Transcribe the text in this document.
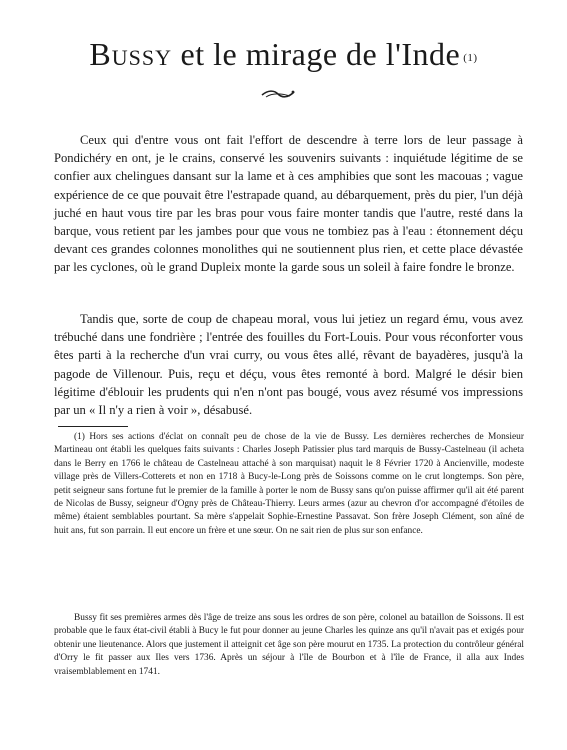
Bussy et le mirage de l'Inde $^{(1)}$

Ceux qui d'entre vous ont fait l'effort de descendre à terre lors de leur passage à Pondichéry en ont, je le crains, conservé les souvenirs suivants : inquiétude légitime de se confier aux chelingues dansant sur la lame et à ces amphibies que sont les macouas ; vague expérience de ce que pouvait être l'estrapade quand, au débarquement, près du pier, l'un déjà juché en haut vous tire par les bras pour vous faire monter tandis que l'autre, resté dans la barque, vous retient par les jambes pour que vous ne tombiez pas à l'eau : étonnement déçu devant ces grandes colonnes monolithes qui ne soutiennent plus rien, et cette place dévastée par les cyclones, où le grand Dupleix monte la garde sous un soleil à faire fondre le bronze.

Tandis que, sorte de coup de chapeau moral, vous lui jetiez un regard ému, vous avez trébuché dans une fondrière ; l'entrée des fouilles du Fort-Louis. Pour vous réconforter vous êtes parti à la recherche d'un vrai curry, ou vous êtes allé, rêvant de bayadères, jusqu'à la pagode de Villenour. Puis, reçu et déçu, vous êtes remonté à bord. Malgré le désir bien légitime d'éblouir les prudents qui n'en n'ont pas bougé, vous avez résumé vos impressions par un « Il n'y a rien à voir », désabusé.

(1) Hors ses actions d'éclat on connaît peu de chose de la vie de Bussy. Les dernières recherches de Monsieur Martineau ont établi les quelques faits suivants : Charles Joseph Patissier plus tard marquis de Bussy-Castelneau (il acheta dans le Berry en 1766 le château de Castelneau attaché à son marquisat) naquit le 8 Février 1720 à Ancienville, modeste village près de Villers-Cotterets et non en 1718 à Bucy-le-Long près de Soissons comme on le crut longtemps. Son père, petit seigneur sans fortune fut le premier de la famille à porter le nom de Bussy sans qu'on puisse affirmer qu'il ait été parent de Nicolas de Bussy, seigneur d'Ogny près de Château-Thierry. Leurs armes (azur au chevron d'or accompagné d'étoiles de même) étaient semblables pourtant. Sa mère s'appelait Sophie-Ernestine Passavat. Son frère Joseph Clément, son aîné de huit ans, fut son parrain. Il eut encore un frère et une sœur. On ne sait rien de plus sur son enfance.

Bussy fit ses premières armes dès l'âge de treize ans sous les ordres de son père, colonel au bataillon de Soissons. Il est probable que le faux état-civil établi à Bucy le fut pour donner au jeune Charles les quinze ans qu'il n'avait pas et exigés pour obtenir une lieutenance. Alors que justement il atteignit cet âge son père mourut en 1735. La protection du contrôleur général d'Orry le fit passer aux Iles vers 1736. Après un séjour à l'île de Bourbon et à l'île de France, il alla aux Indes vraisemblablement en 1741.
